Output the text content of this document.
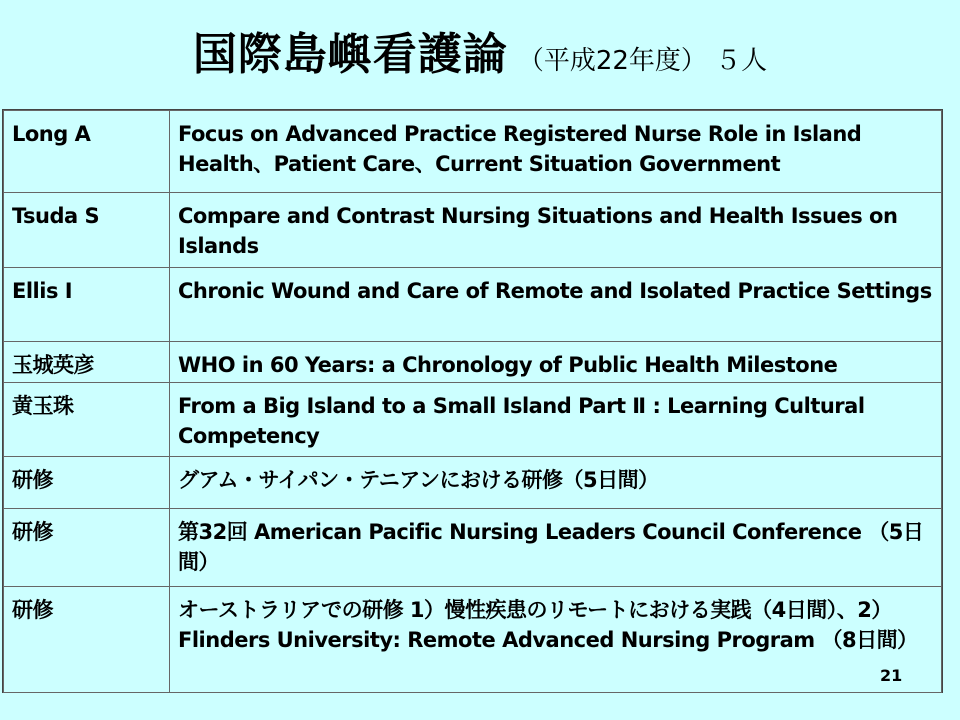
国際島嶼看護論 （平成22年度） ５人
Long A	Focus on Advanced Practice Registered Nurse Role in Island Health、Patient Care、Current Situation Government
Tsuda S	Compare and Contrast Nursing Situations and Health Issues on Islands
Ellis I	Chronic Wound and Care of Remote and Isolated Practice Settings
玉城英彦	WHO in 60 Years: a Chronology of Public Health Milestone
黄玉珠	From a Big Island to a Small Island Part Ⅱ : Learning Cultural Competency
研修	グアム・サイパン・テニアンにおける研修（5日間）
研修	第32回 American Pacific Nursing Leaders Council Conference （5日間）
研修	オーストラリアでの研修 1）慢性疾患のリモートにおける実践（4日間）、2）Flinders University: Remote Advanced Nursing Program （8日間）
21
